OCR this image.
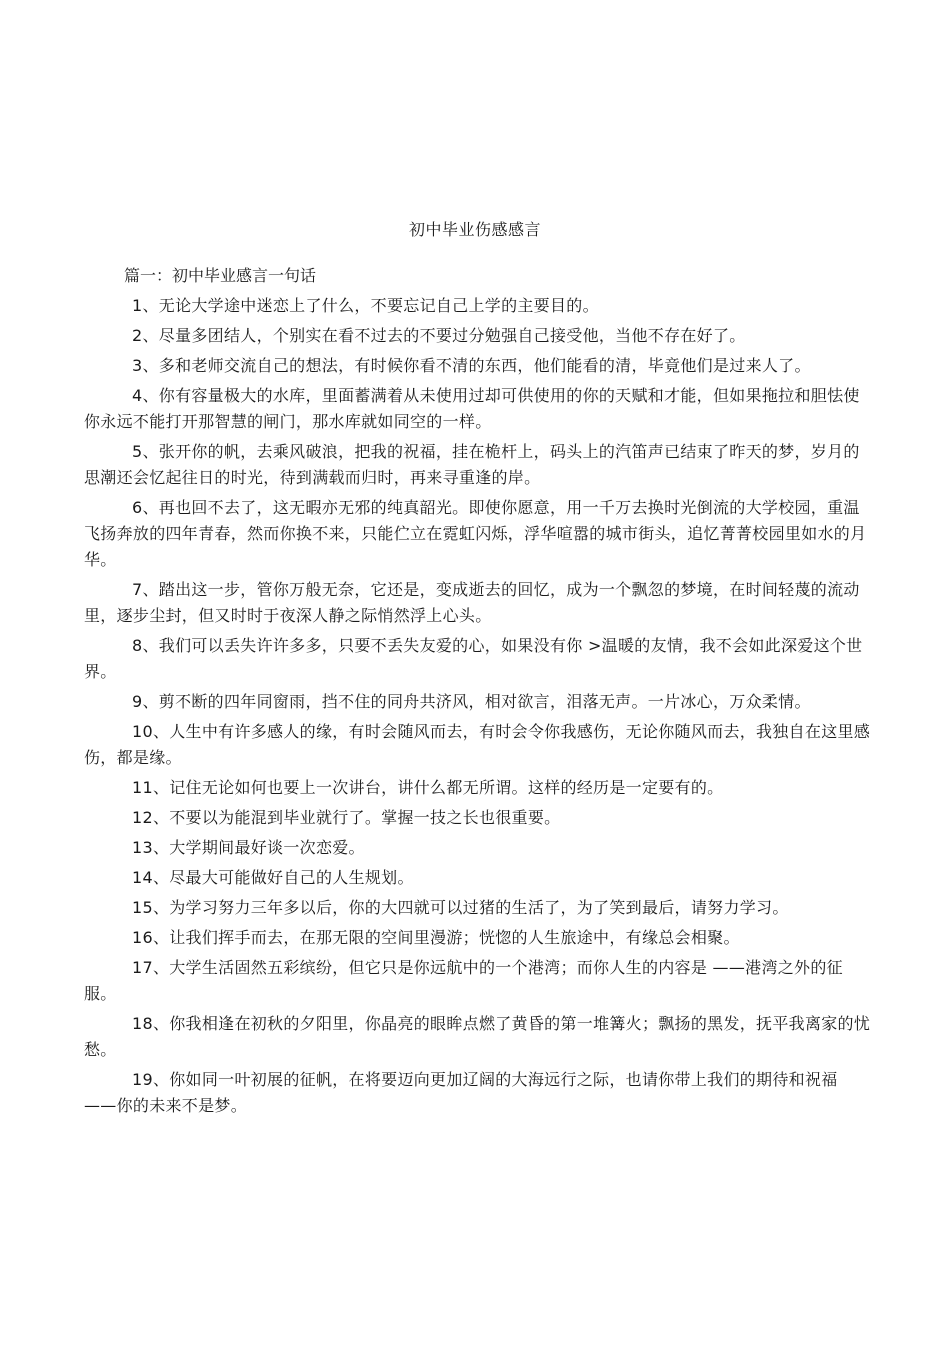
初中毕业伤感感言
篇一：初中毕业感言一句话

1、无论大学途中迷恋上了什么，不要忘记自己上学的主要目的。

2、尽量多团结人，个别实在看不过去的不要过分勉强自己接受他，当他不存在好了。

3、多和老师交流自己的想法，有时候你看不清的东西，他们能看的清，毕竟他们是过来人了。

4、你有容量极大的水库，里面蓄满着从未使用过却可供使用的你的天赋和才能，但如果拖拉和胆怯使你永远不能打开那智慧的闸门，那水库就如同空的一样。

5、张开你的帆，去乘风破浪，把我的祝福，挂在桅杆上，码头上的汽笛声已结束了昨天的梦，岁月的思潮还会忆起往日的时光，待到满载而归时，再来寻重逢的岸。

6、再也回不去了，这无暇亦无邪的纯真韶光。即使你愿意，用一千万去换时光倒流的大学校园，重温飞扬奔放的四年青春，然而你换不来，只能伫立在霓虹闪烁，浮华喧嚣的城市街头，追忆菁菁校园里如水的月华。

7、踏出这一步，管你万般无奈，它还是，变成逝去的回忆，成为一个飘忽的梦境，在时间轻蔑的流动里，逐步尘封，但又时时于夜深人静之际悄然浮上心头。

8、我们可以丢失许许多多，只要不丢失友爱的心，如果没有你 >温暖的友情，我不会如此深爱这个世界。

9、剪不断的四年同窗雨，挡不住的同舟共济风，相对欲言，泪落无声。一片冰心，万众柔情。

10、人生中有许多感人的缘，有时会随风而去，有时会令你我感伤，无论你随风而去，我独自在这里感伤，都是缘。

11、记住无论如何也要上一次讲台，讲什么都无所谓。这样的经历是一定要有的。

12、不要以为能混到毕业就行了。掌握一技之长也很重要。

13、大学期间最好谈一次恋爱。

14、尽最大可能做好自己的人生规划。

15、为学习努力三年多以后，你的大四就可以过猪的生活了，为了笑到最后，请努力学习。

16、让我们挥手而去，在那无限的空间里漫游；恍惚的人生旅途中，有缘总会相聚。

17、大学生活固然五彩缤纷，但它只是你远航中的一个港湾；而你人生的内容是 ——港湾之外的征服。

18、你我相逢在初秋的夕阳里，你晶亮的眼眸点燃了黄昏的第一堆篝火；飘扬的黑发，抚平我离家的忧愁。

19、你如同一叶初展的征帆，在将要迈向更加辽阔的大海远行之际，也请你带上我们的期待和祝福 ——你的未来不是梦。
